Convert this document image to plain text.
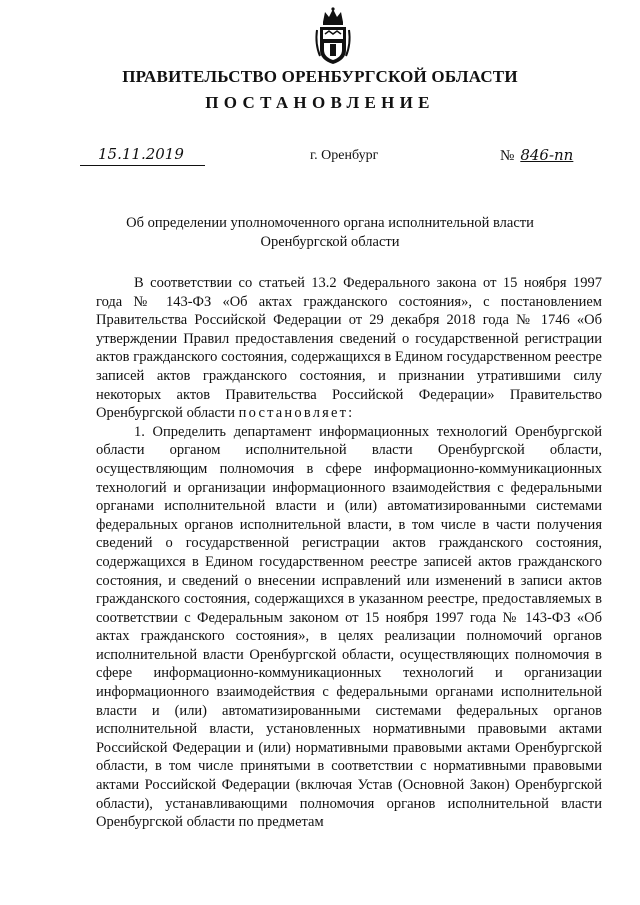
ПРАВИТЕЛЬСТВО ОРЕНБУРГСКОЙ ОБЛАСТИ
ПОСТАНОВЛЕНИЕ
15.11.2019	г. Оренбург	№ 846-пп
Об определении уполномоченного органа исполнительной власти
Оренбургской области

В соответствии со статьей 13.2 Федерального закона от 15 ноября 1997 года № 143-ФЗ «Об актах гражданского состояния», с постановлением Правительства Российской Федерации от 29 декабря 2018 года № 1746 «Об утверждении Правил предоставления сведений о государственной регистрации актов гражданского состояния, содержащихся в Едином государственном реестре записей актов гражданского состояния, и признании утратившими силу некоторых актов Правительства Российской Федерации» Правительство Оренбургской области постановляет:

1. Определить департамент информационных технологий Оренбургской области органом исполнительной власти Оренбургской области, осуществляющим полномочия в сфере информационно-коммуникационных технологий и организации информационного взаимодействия с федеральными органами исполнительной власти и (или) автоматизированными системами федеральных органов исполнительной власти, в том числе в части получения сведений о государственной регистрации актов гражданского состояния, содержащихся в Едином государственном реестре записей актов гражданского состояния, и сведений о внесении исправлений или изменений в записи актов гражданского состояния, содержащихся в указанном реестре, предоставляемых в соответствии с Федеральным законом от 15 ноября 1997 года № 143-ФЗ «Об актах гражданского состояния», в целях реализации полномочий органов исполнительной власти Оренбургской области, осуществляющих полномочия в сфере информационно-коммуникационных технологий и организации информационного взаимодействия с федеральными органами исполнительной власти и (или) автоматизированными системами федеральных органов исполнительной власти, установленных нормативными правовыми актами Российской Федерации и (или) нормативными правовыми актами Оренбургской области, в том числе принятыми в соответствии с нормативными правовыми актами Российской Федерации (включая Устав (Основной Закон) Оренбургской области), устанавливающими полномочия органов исполнительной власти Оренбургской области по предметам
